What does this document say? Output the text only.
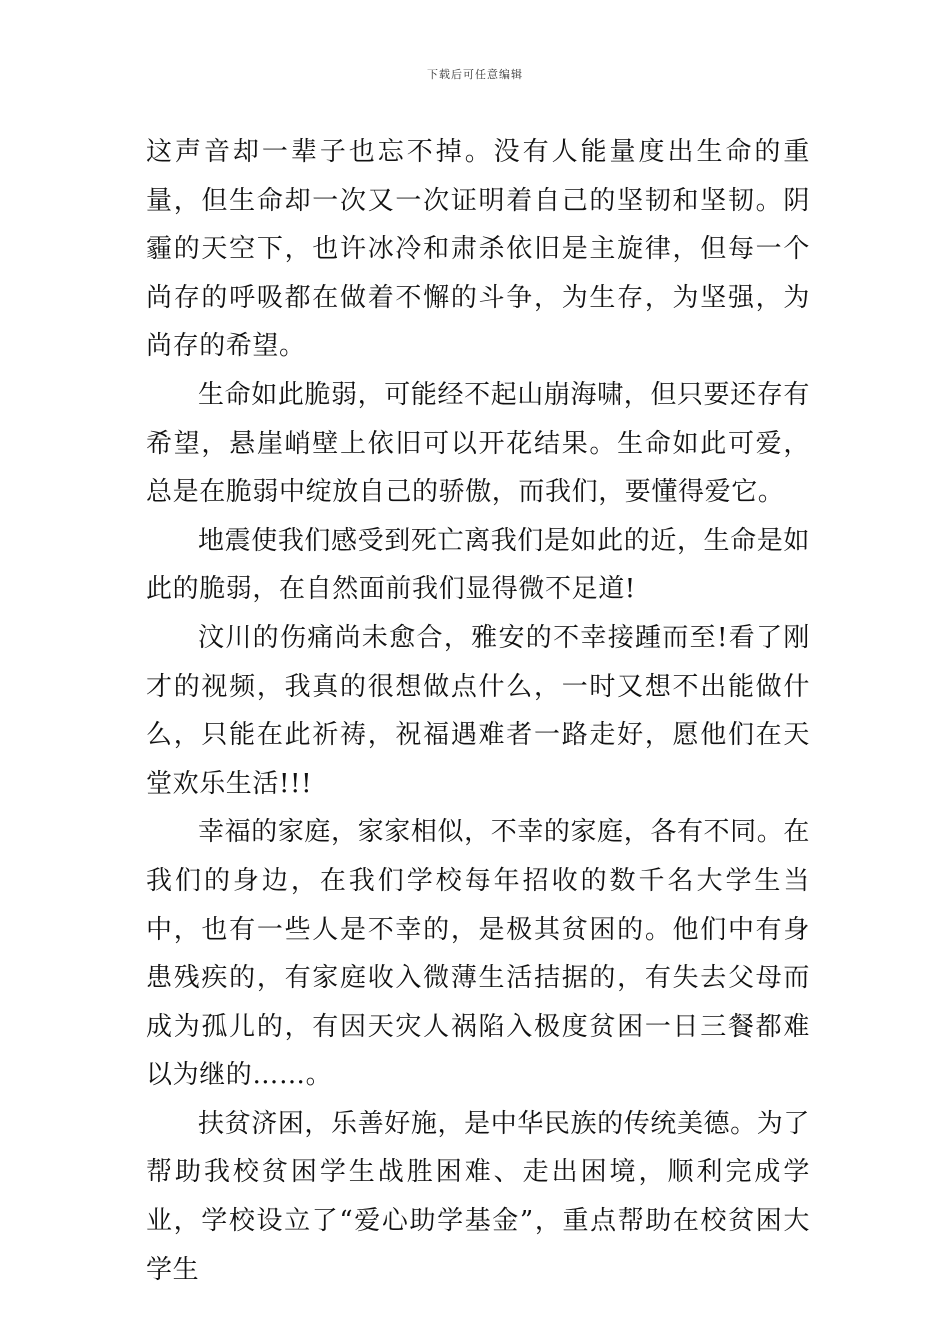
下载后可任意编辑

这声音却一辈子也忘不掉。没有人能量度出生命的重量，但生命却一次又一次证明着自己的坚韧和坚韧。阴霾的天空下，也许冰冷和肃杀依旧是主旋律，但每一个尚存的呼吸都在做着不懈的斗争，为生存，为坚强，为尚存的希望。

生命如此脆弱，可能经不起山崩海啸，但只要还存有希望，悬崖峭壁上依旧可以开花结果。生命如此可爱，总是在脆弱中绽放自己的骄傲，而我们，要懂得爱它。

地震使我们感受到死亡离我们是如此的近，生命是如此的脆弱，在自然面前我们显得微不足道!

汶川的伤痛尚未愈合，雅安的不幸接踵而至!看了刚才的视频，我真的很想做点什么，一时又想不出能做什么，只能在此祈祷，祝福遇难者一路走好，愿他们在天堂欢乐生活!!!

幸福的家庭，家家相似，不幸的家庭，各有不同。在我们的身边，在我们学校每年招收的数千名大学生当中，也有一些人是不幸的，是极其贫困的。他们中有身患残疾的，有家庭收入微薄生活拮据的，有失去父母而成为孤儿的，有因天灾人祸陷入极度贫困一日三餐都难以为继的……。

扶贫济困，乐善好施，是中华民族的传统美德。为了帮助我校贫困学生战胜困难、走出困境，顺利完成学业，学校设立了“爱心助学基金”，重点帮助在校贫困大学生
